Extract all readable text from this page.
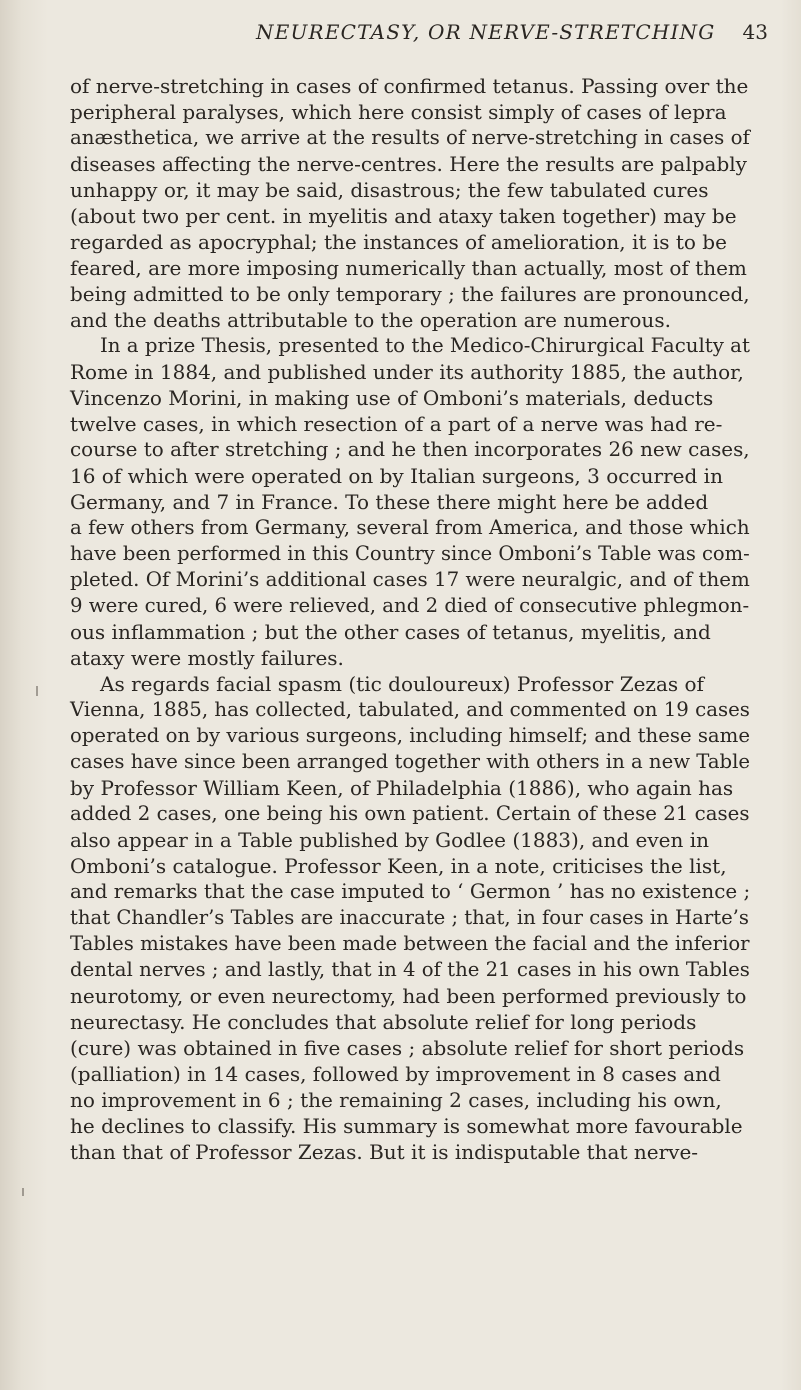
NEURECTASY, OR NERVE-STRETCHING 43
of nerve-stretching in cases of confirmed tetanus. Passing over the
peripheral paralyses, which here consist simply of cases of lepra
anæsthetica, we arrive at the results of nerve-stretching in cases of
diseases affecting the nerve-centres. Here the results are palpably
unhappy or, it may be said, disastrous; the few tabulated cures
(about two per cent. in myelitis and ataxy taken together) may be
regarded as apocryphal; the instances of amelioration, it is to be
feared, are more imposing numerically than actually, most of them
being admitted to be only temporary ; the failures are pronounced,
and the deaths attributable to the operation are numerous.
In a prize Thesis, presented to the Medico-Chirurgical Faculty at
Rome in 1884, and published under its authority 1885, the author,
Vincenzo Morini, in making use of Omboni’s materials, deducts
twelve cases, in which resection of a part of a nerve was had re-
course to after stretching ; and he then incorporates 26 new cases,
16 of which were operated on by Italian surgeons, 3 occurred in
Germany, and 7 in France. To these there might here be added
a few others from Germany, several from America, and those which
have been performed in this Country since Omboni’s Table was com-
pleted. Of Morini’s additional cases 17 were neuralgic, and of them
9 were cured, 6 were relieved, and 2 died of consecutive phlegmon-
ous inflammation ; but the other cases of tetanus, myelitis, and
ataxy were mostly failures.
As regards facial spasm (tic douloureux) Professor Zezas of
Vienna, 1885, has collected, tabulated, and commented on 19 cases
operated on by various surgeons, including himself; and these same
cases have since been arranged together with others in a new Table
by Professor William Keen, of Philadelphia (1886), who again has
added 2 cases, one being his own patient. Certain of these 21 cases
also appear in a Table published by Godlee (1883), and even in
Omboni’s catalogue. Professor Keen, in a note, criticises the list,
and remarks that the case imputed to ‘ Germon ’ has no existence ;
that Chandler’s Tables are inaccurate ; that, in four cases in Harte’s
Tables mistakes have been made between the facial and the inferior
dental nerves ; and lastly, that in 4 of the 21 cases in his own Tables
neurotomy, or even neurectomy, had been performed previously to
neurectasy. He concludes that absolute relief for long periods
(cure) was obtained in five cases ; absolute relief for short periods
(palliation) in 14 cases, followed by improvement in 8 cases and
no improvement in 6 ; the remaining 2 cases, including his own,
he declines to classify. His summary is somewhat more favourable
than that of Professor Zezas. But it is indisputable that nerve-
